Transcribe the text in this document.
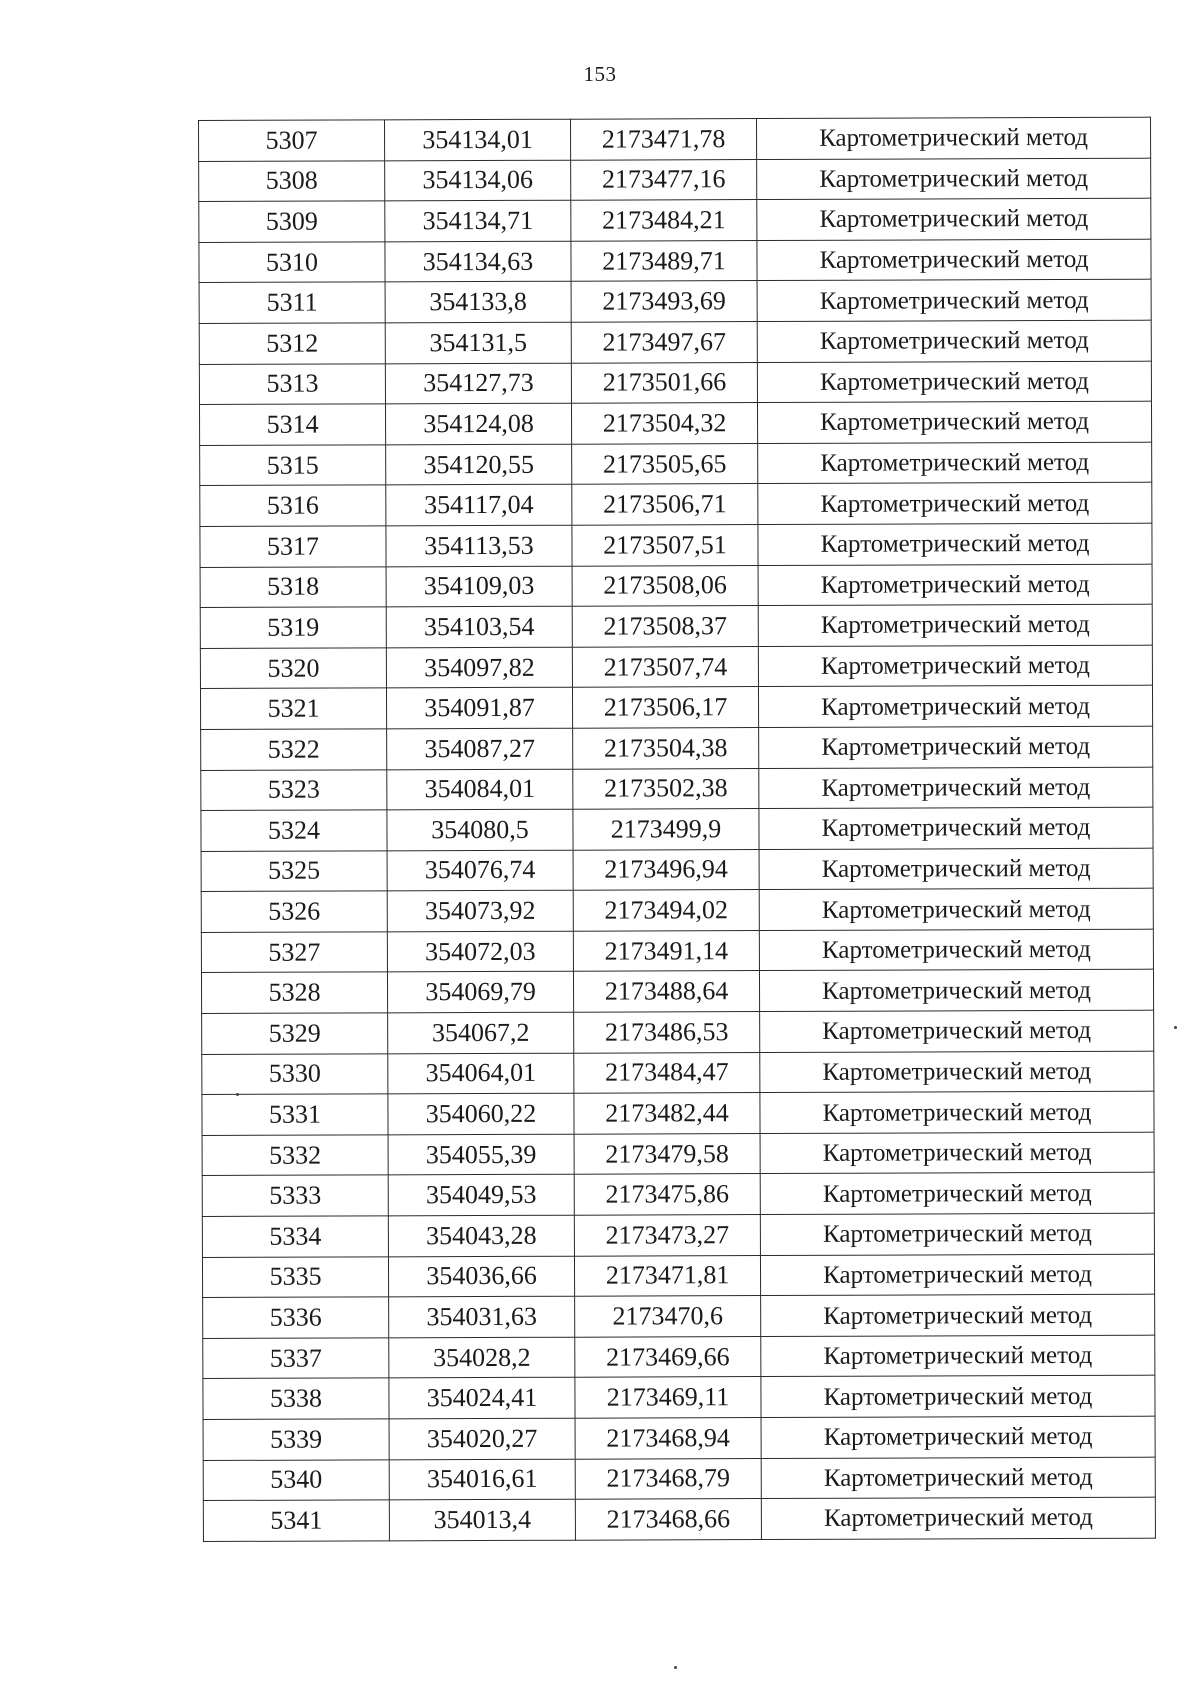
153
5307	354134,01	2173471,78	Картометрический метод
5308	354134,06	2173477,16	Картометрический метод
5309	354134,71	2173484,21	Картометрический метод
5310	354134,63	2173489,71	Картометрический метод
5311	354133,8	2173493,69	Картометрический метод
5312	354131,5	2173497,67	Картометрический метод
5313	354127,73	2173501,66	Картометрический метод
5314	354124,08	2173504,32	Картометрический метод
5315	354120,55	2173505,65	Картометрический метод
5316	354117,04	2173506,71	Картометрический метод
5317	354113,53	2173507,51	Картометрический метод
5318	354109,03	2173508,06	Картометрический метод
5319	354103,54	2173508,37	Картометрический метод
5320	354097,82	2173507,74	Картометрический метод
5321	354091,87	2173506,17	Картометрический метод
5322	354087,27	2173504,38	Картометрический метод
5323	354084,01	2173502,38	Картометрический метод
5324	354080,5	2173499,9	Картометрический метод
5325	354076,74	2173496,94	Картометрический метод
5326	354073,92	2173494,02	Картометрический метод
5327	354072,03	2173491,14	Картометрический метод
5328	354069,79	2173488,64	Картометрический метод
5329	354067,2	2173486,53	Картометрический метод
5330	354064,01	2173484,47	Картометрический метод
5331	354060,22	2173482,44	Картометрический метод
5332	354055,39	2173479,58	Картометрический метод
5333	354049,53	2173475,86	Картометрический метод
5334	354043,28	2173473,27	Картометрический метод
5335	354036,66	2173471,81	Картометрический метод
5336	354031,63	2173470,6	Картометрический метод
5337	354028,2	2173469,66	Картометрический метод
5338	354024,41	2173469,11	Картометрический метод
5339	354020,27	2173468,94	Картометрический метод
5340	354016,61	2173468,79	Картометрический метод
5341	354013,4	2173468,66	Картометрический метод
